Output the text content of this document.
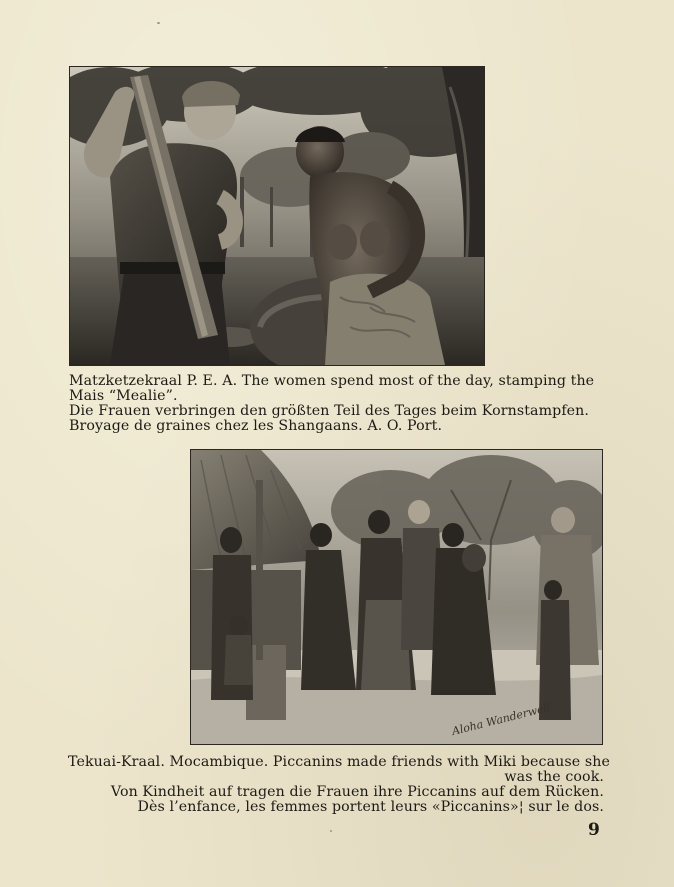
Matzketzekraal P. E. A. The women spend most of the day, stamping the
Mais “Mealie”.
Die Frauen verbringen den größten Teil des Tages beim Kornstampfen.
Broyage de graines chez les Shangaans. A. O. Port.
Aloha Wanderwell
Tekuai-Kraal. Mocambique. Piccanins made friends with Miki because she
was the cook.
Von Kindheit auf tragen die Frauen ihre Piccanins auf dem Rücken.
Dès l’enfance, les femmes portent leurs «Piccanins»¦ sur le dos.
9
